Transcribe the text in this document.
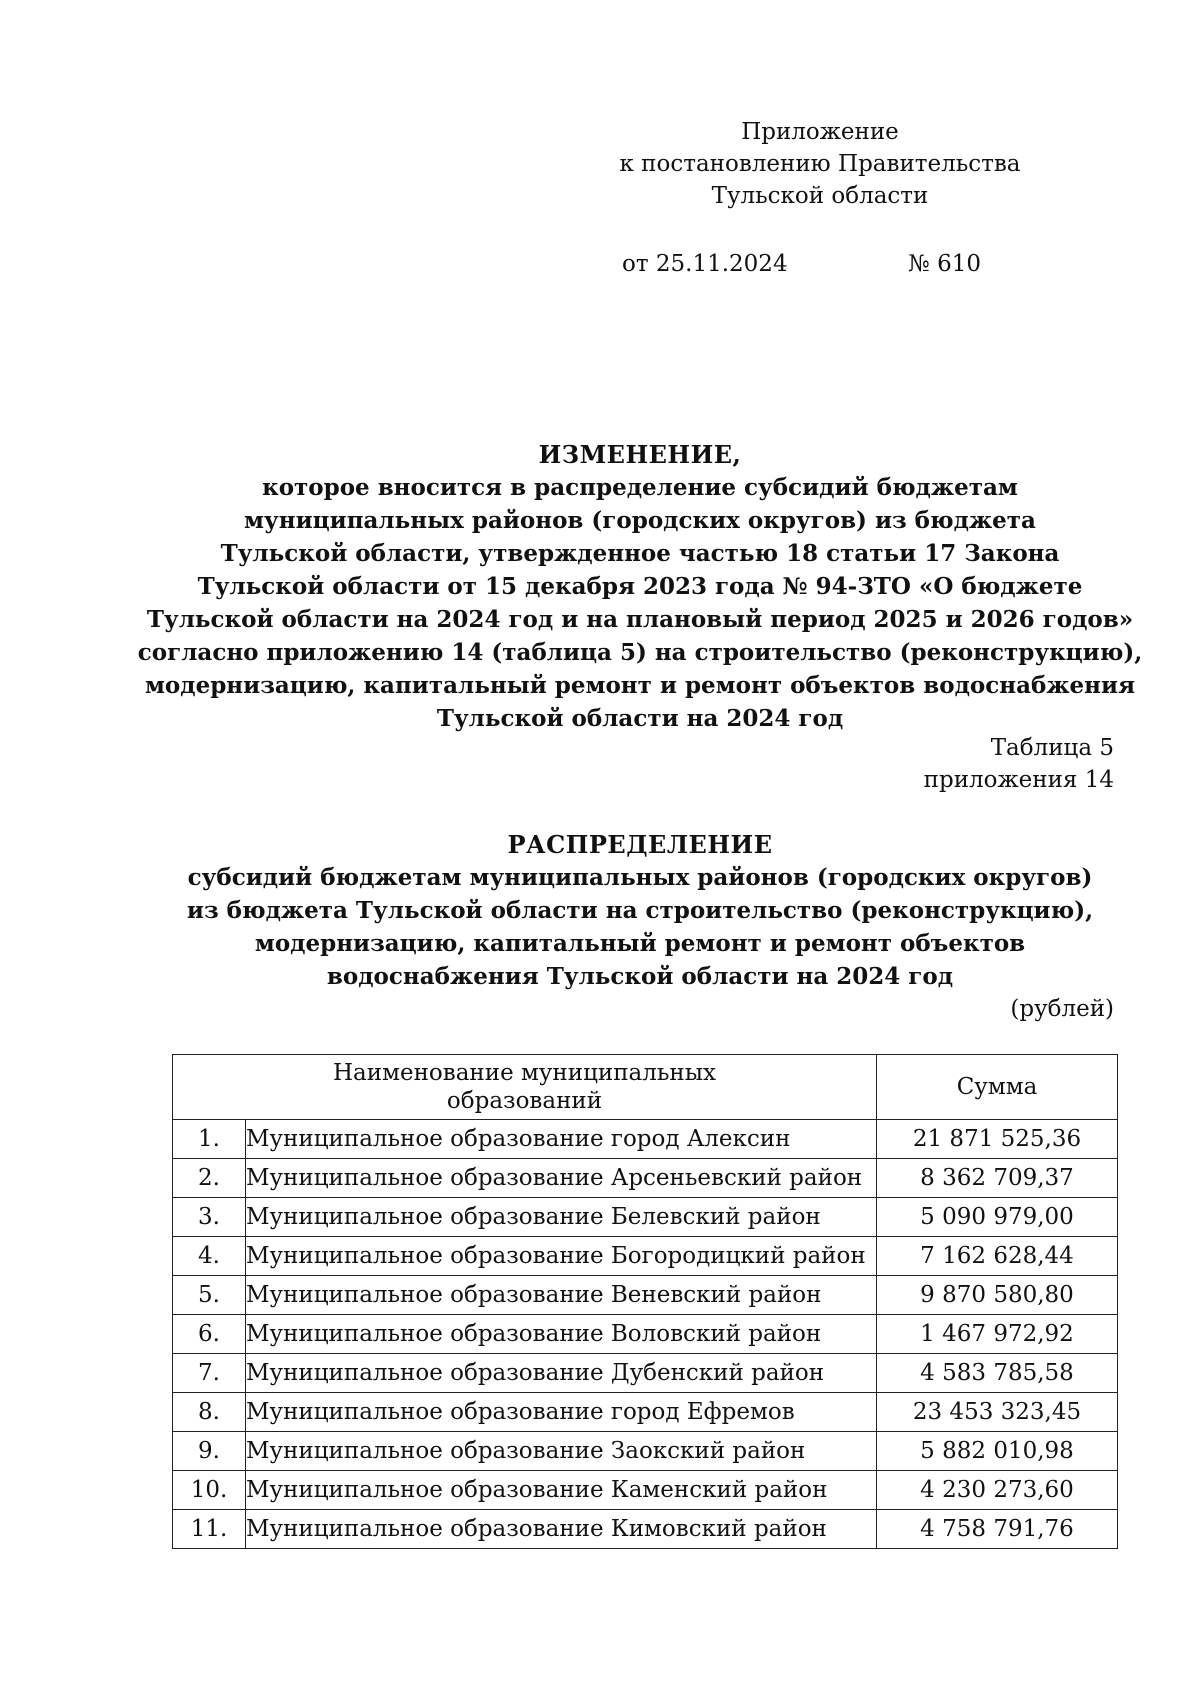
Приложение
к постановлению Правительства
Тульской области
от 25.11.2024	№ 610
ИЗМЕНЕНИЕ,
которое вносится в распределение субсидий бюджетам
муниципальных районов (городских округов) из бюджета
Тульской области, утвержденное частью 18 статьи 17 Закона
Тульской области от 15 декабря 2023 года № 94-ЗТО «О бюджете
Тульской области на 2024 год и на плановый период 2025 и 2026 годов»
согласно приложению 14 (таблица 5) на строительство (реконструкцию),
модернизацию, капитальный ремонт и ремонт объектов водоснабжения
Тульской области на 2024 год
Таблица 5
приложения 14
РАСПРЕДЕЛЕНИЕ
субсидий бюджетам муниципальных районов (городских округов)
из бюджета Тульской области на строительство (реконструкцию),
модернизацию, капитальный ремонт и ремонт объектов
водоснабжения Тульской области на 2024 год
(рублей)
Наименование муниципальных
образований		Сумма
1.	Муниципальное образование город Алексин	21 871 525,36
2.	Муниципальное образование Арсеньевский район	8 362 709,37
3.	Муниципальное образование Белевский район	5 090 979,00
4.	Муниципальное образование Богородицкий район	7 162 628,44
5.	Муниципальное образование Веневский район	9 870 580,80
6.	Муниципальное образование Воловский район	1 467 972,92
7.	Муниципальное образование Дубенский район	4 583 785,58
8.	Муниципальное образование город Ефремов	23 453 323,45
9.	Муниципальное образование Заокский район	5 882 010,98
10.	Муниципальное образование Каменский район	4 230 273,60
11.	Муниципальное образование Кимовский район	4 758 791,76
